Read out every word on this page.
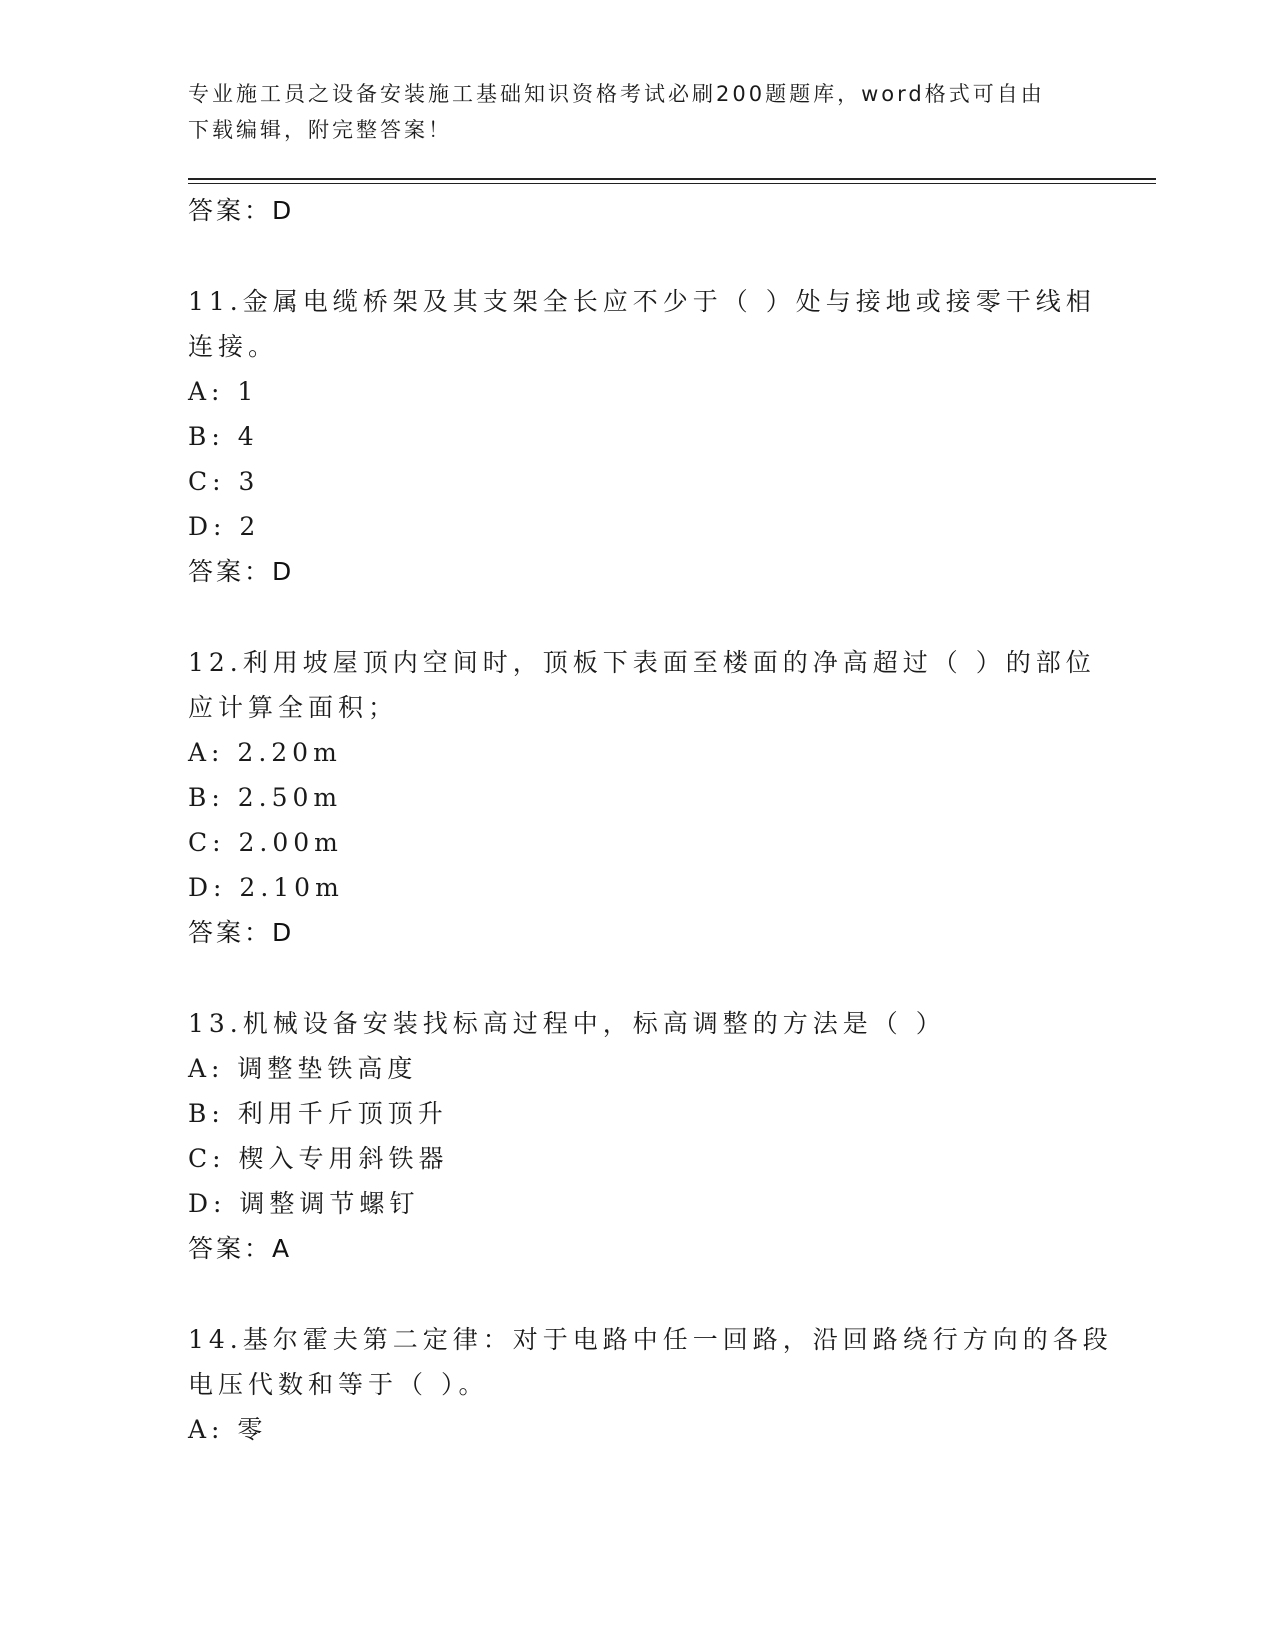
专业施工员之设备安装施工基础知识资格考试必刷200题题库，word格式可自由
下载编辑，附完整答案！
答案：D
11.金属电缆桥架及其支架全长应不少于（ ）处与接地或接零干线相
连接。
A: 1
B: 4
C: 3
D: 2
答案：D
12.利用坡屋顶内空间时，顶板下表面至楼面的净高超过（ ）的部位
应计算全面积；
A: 2.20m
B: 2.50m
C: 2.00m
D: 2.10m
答案：D
13.机械设备安装找标高过程中，标高调整的方法是（ ）
A: 调整垫铁高度
B: 利用千斤顶顶升
C: 楔入专用斜铁器
D: 调整调节螺钉
答案：A
14.基尔霍夫第二定律：对于电路中任一回路，沿回路绕行方向的各段
电压代数和等于（ ）。
A: 零
